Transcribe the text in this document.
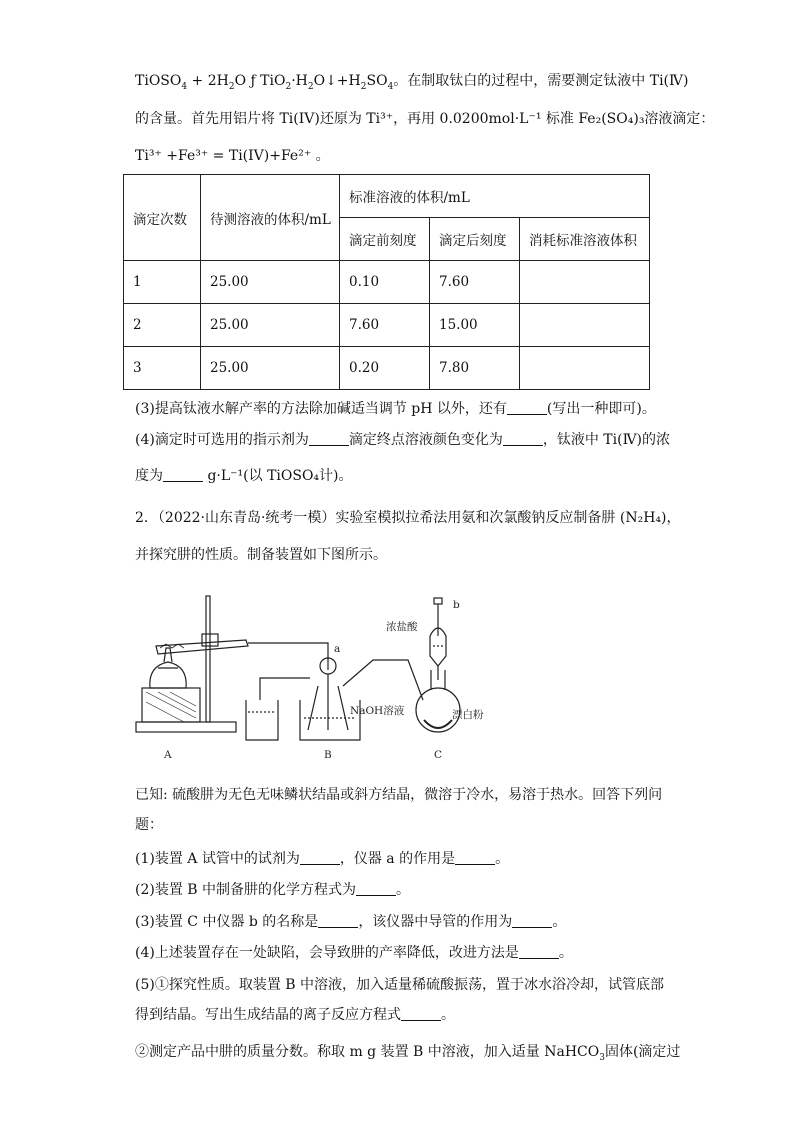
TiOSO$_4$ + $2H_2O$ ƒ $TiO_2\cdot H_2O↓+H_2SO_4$。在制取钛白的过程中，需要测定钛液中 Ti(Ⅳ)
的含量。首先用铝片将 Ti(IV)还原为 Ti³⁺，再用 0.0200mol·L⁻¹ 标准 Fe₂(SO₄)₃溶液滴定：
Ti³⁺ +Fe³⁺ = Ti(IV)+Fe²⁺ 。
滴定次数	待测溶液的体积/mL	标准溶液的体积/mL		
		滴定前刻度	滴定后刻度	消耗标准溶液体积
1	25.00	0.10	7.60	
2	25.00	7.60	15.00	
3	25.00	0.20	7.80	
(3)提高钛液水解产率的方法除加碱适当调节 pH 以外，还有	(写出一种即可)。
(4)滴定时可选用的指示剂为	滴定终点溶液颜色变化为	，钛液中 Ti(Ⅳ)的浓
度为	g·L⁻¹(以 TiOSO₄计)。
2．（2022·山东青岛·统考一模）实验室模拟拉希法用氨和次氯酸钠反应制备肼 (N₂H₄)，
并探究肼的性质。制备装置如下图所示。
a
b
浓盐酸
NaOH溶液	漂白粉
A	B	C
已知: 硫酸肼为无色无味鳞状结晶或斜方结晶，微溶于冷水，易溶于热水。回答下列问
题：
(1)装置 A 试管中的试剂为	，仪器 a 的作用是	。
(2)装置 B 中制备肼的化学方程式为	。
(3)装置 C 中仪器 b 的名称是	，该仪器中导管的作用为	。
(4)上述装置存在一处缺陷，会导致肼的产率降低，改进方法是	。
(5)①探究性质。取装置 B 中溶液，加入适量稀硫酸振荡，置于冰水浴冷却，试管底部
得到结晶。写出生成结晶的离子反应方程式	。
②测定产品中肼的质量分数。称取 m g 装置 B 中溶液，加入适量 NaHCO$_3$固体(滴定过
